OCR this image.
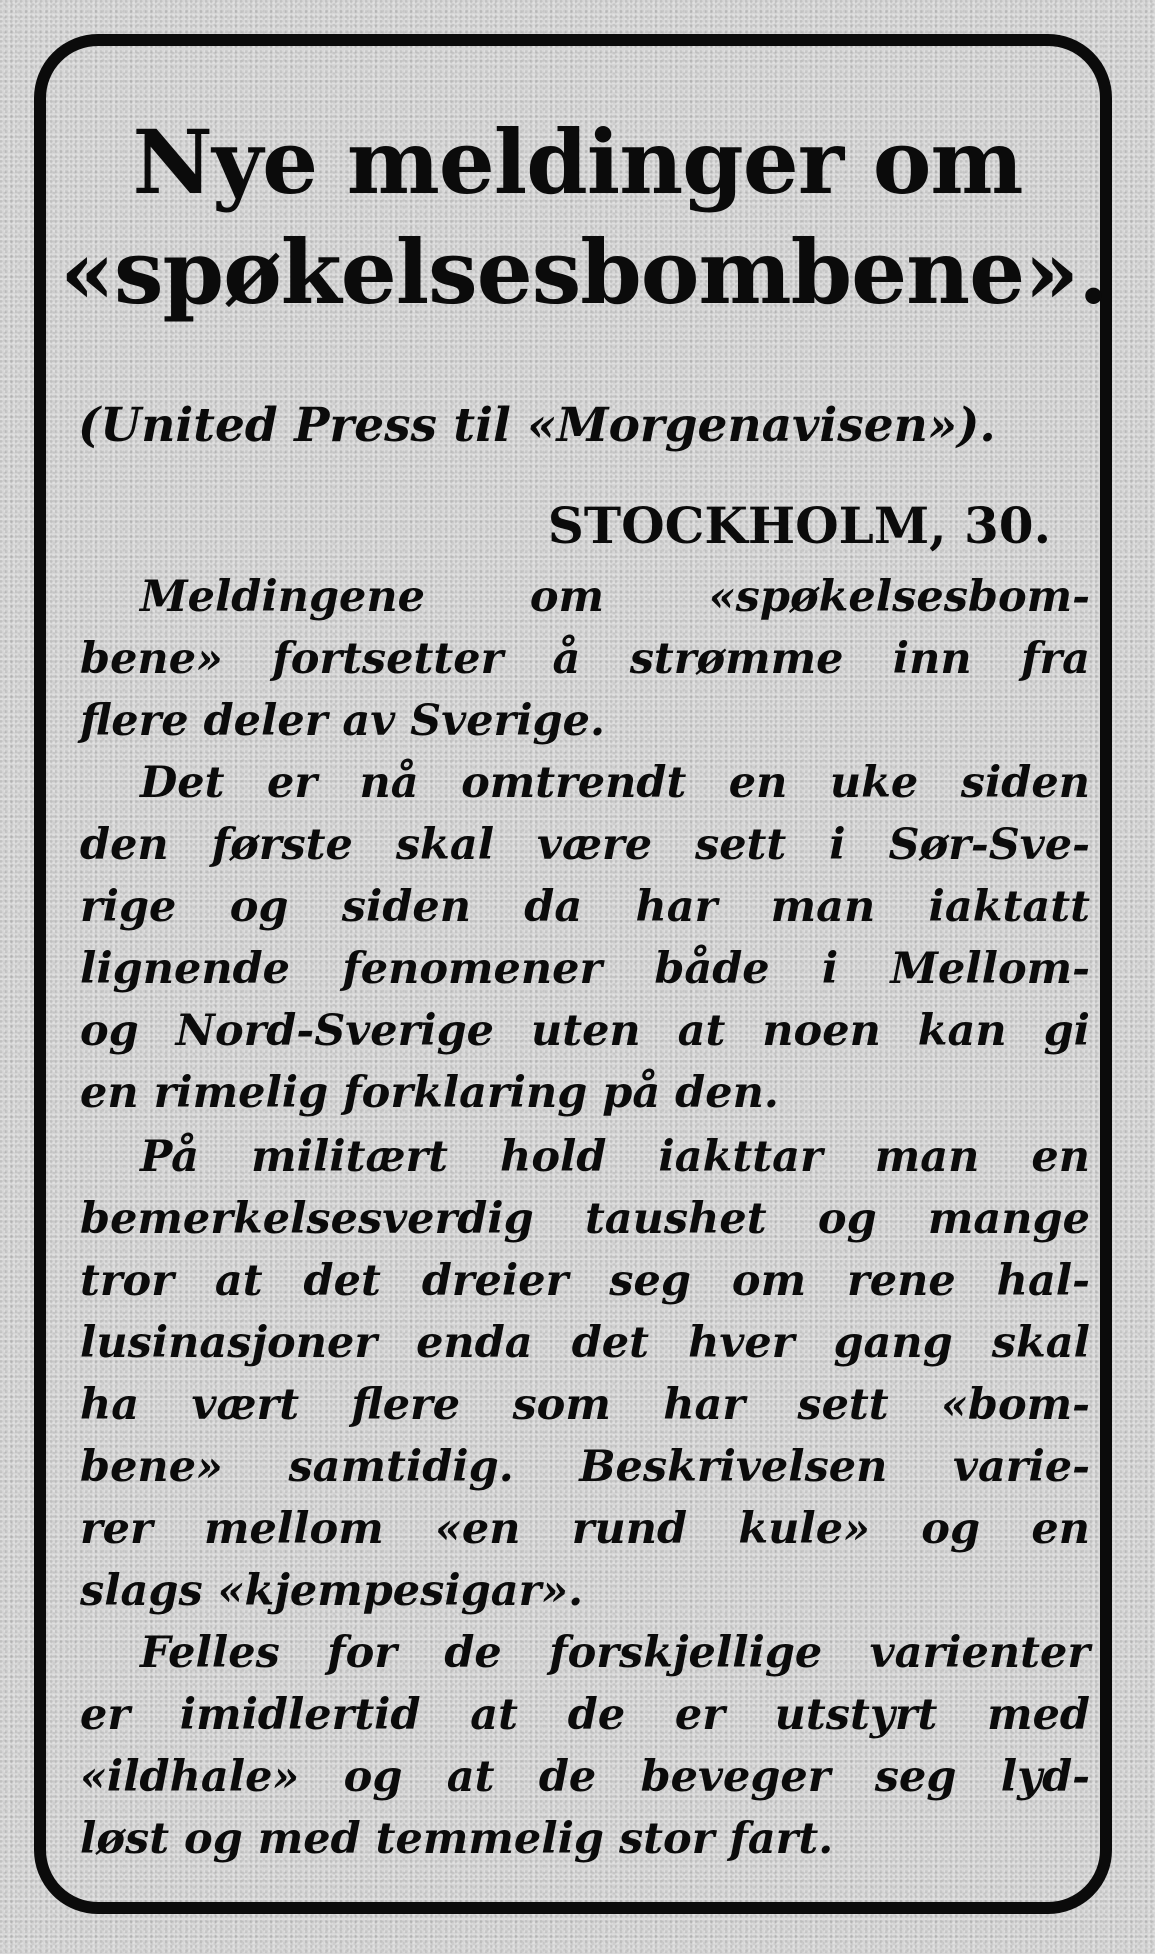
Nye meldinger om
«spøkelsesbombene».

(United Press til «Morgenavisen»).

STOCKHOLM, 30.

Meldingene om «spøkelsesbom-

bene» fortsetter å strømme inn fra

flere deler av Sverige.

Det er nå omtrendt en uke siden

den første skal være sett i Sør-Sve-

rige og siden da har man iaktatt

lignende fenomener både i Mellom-

og Nord-Sverige uten at noen kan gi

en rimelig forklaring på den.

På militært hold iakttar man en

bemerkelsesverdig taushet og mange

tror at det dreier seg om rene hal-

lusinasjoner enda det hver gang skal

ha vært flere som har sett «bom-

bene» samtidig. Beskrivelsen varie-

rer mellom «en rund kule» og en

slags «kjempesigar».

Felles for de forskjellige varienter

er imidlertid at de er utstyrt med

«ildhale» og at de beveger seg lyd-

løst og med temmelig stor fart.
